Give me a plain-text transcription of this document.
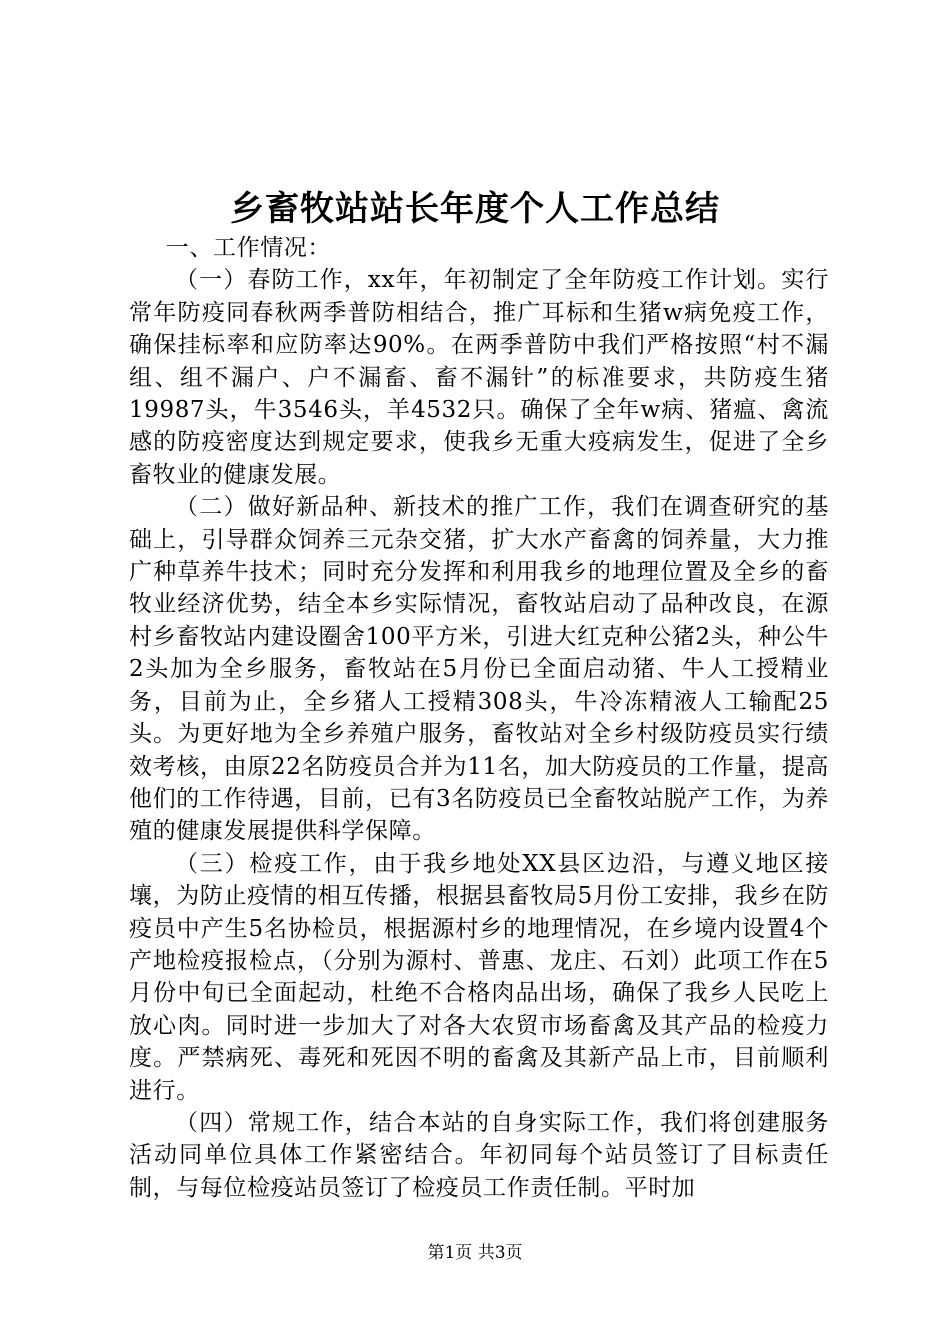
乡畜牧站站长年度个人工作总结

一、工作情况：

（一）春防工作，xx年，年初制定了全年防疫工作计划。实行常年防疫同春秋两季普防相结合，推广耳标和生猪w病免疫工作，确保挂标率和应防率达90%。在两季普防中我们严格按照“村不漏组、组不漏户、户不漏畜、畜不漏针”的标准要求，共防疫生猪19987头，牛3546头，羊4532只。确保了全年w病、猪瘟、禽流感的防疫密度达到规定要求，使我乡无重大疫病发生，促进了全乡畜牧业的健康发展。

（二）做好新品种、新技术的推广工作，我们在调查研究的基础上，引导群众饲养三元杂交猪，扩大水产畜禽的饲养量，大力推广种草养牛技术；同时充分发挥和利用我乡的地理位置及全乡的畜牧业经济优势，结全本乡实际情况，畜牧站启动了品种改良，在源村乡畜牧站内建设圈舍100平方米，引进大红克种公猪2头，种公牛2头加为全乡服务，畜牧站在5月份已全面启动猪、牛人工授精业务，目前为止，全乡猪人工授精308头，牛冷冻精液人工输配25头。为更好地为全乡养殖户服务，畜牧站对全乡村级防疫员实行绩效考核，由原22名防疫员合并为11名，加大防疫员的工作量，提高他们的工作待遇，目前，已有3名防疫员已全畜牧站脱产工作，为养殖的健康发展提供科学保障。

（三）检疫工作，由于我乡地处XX县区边沿，与遵义地区接壤，为防止疫情的相互传播，根据县畜牧局5月份工安排，我乡在防疫员中产生5名协检员，根据源村乡的地理情况，在乡境内设置4个产地检疫报检点，（分别为源村、普惠、龙庄、石刘）此项工作在5月份中旬已全面起动，杜绝不合格肉品出场，确保了我乡人民吃上放心肉。同时进一步加大了对各大农贸市场畜禽及其产品的检疫力度。严禁病死、毒死和死因不明的畜禽及其新产品上市，目前顺利进行。

（四）常规工作，结合本站的自身实际工作，我们将创建服务活动同单位具体工作紧密结合。年初同每个站员签订了目标责任制，与每位检疫站员签订了检疫员工作责任制。平时加

第1页 共3页
